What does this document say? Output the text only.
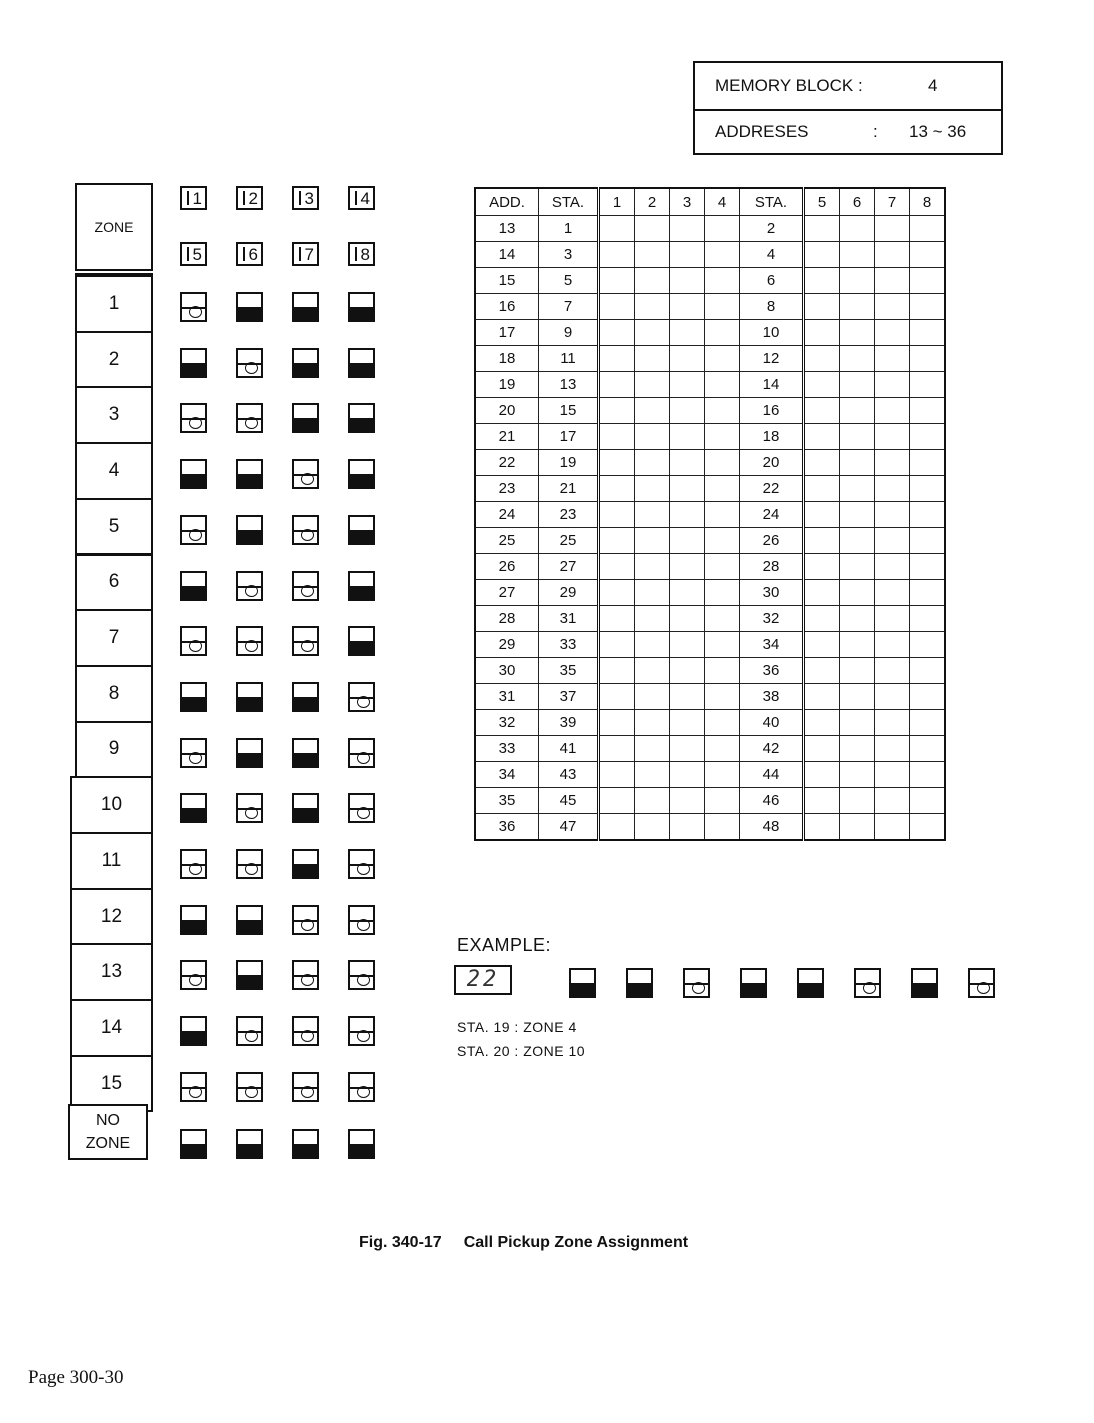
MEMORY BLOCK :	4
ADDRESES	: 13 ~ 36
ZONE
1
2
3
4
5
6
7
8
9
10
11
12
13
14
15
NO
ZONE
1	2	3	4
5	6	7	8
ADD.	STA.	1	2	3	4	STA.	5	6	7	8
13	1					2				
14	3					4				
15	5					6				
16	7					8				
17	9					10				
18	11					12				
19	13					14				
20	15					16				
21	17					18				
22	19					20				
23	21					22				
24	23					24				
25	25					26				
26	27					28				
27	29					30				
28	31					32				
29	33					34				
30	35					36				
31	37					38				
32	39					40				
33	41					42				
34	43					44				
35	45					46				
36	47					48				
EXAMPLE:
22
STA. 19 : ZONE 4
STA. 20 : ZONE 10
Fig. 340-17 Call Pickup Zone Assignment
Page 300-30
